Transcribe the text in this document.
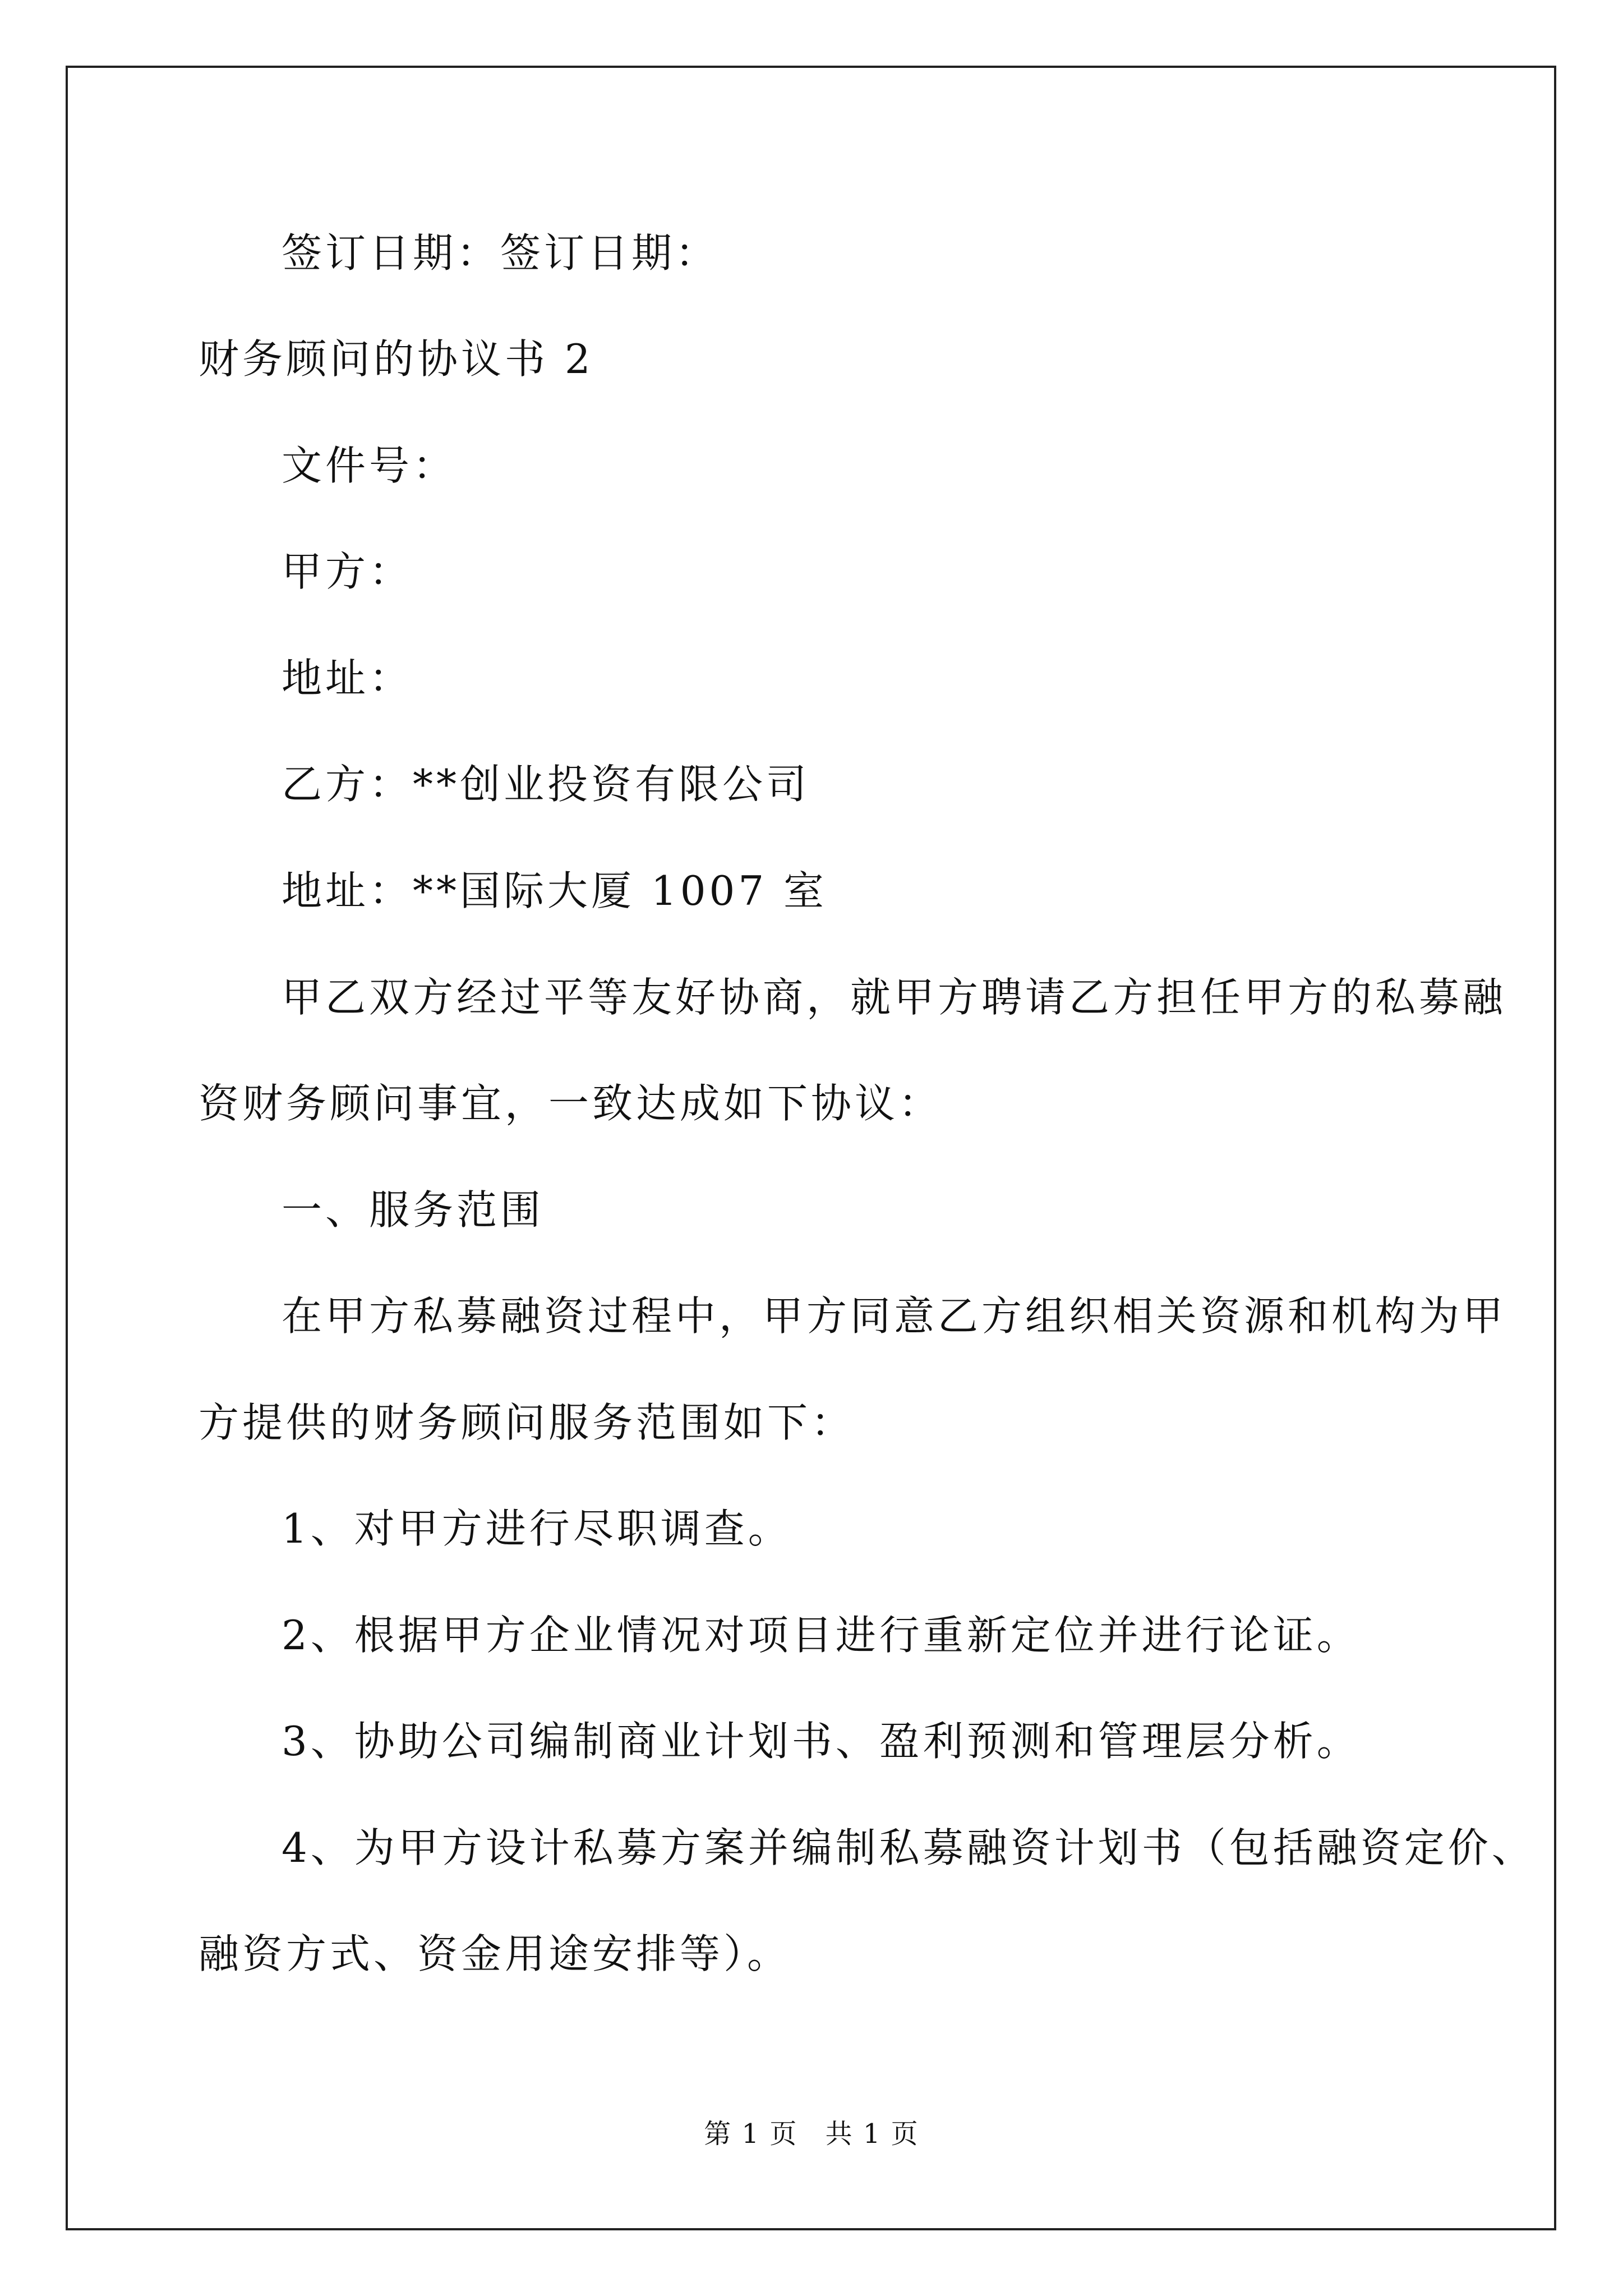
签订日期：签订日期：
财务顾问的协议书 2
文件号：
甲方：
地址：
乙方：**创业投资有限公司
地址：**国际大厦 1007 室
甲乙双方经过平等友好协商，就甲方聘请乙方担任甲方的私募融
资财务顾问事宜，一致达成如下协议：
一、服务范围
在甲方私募融资过程中，甲方同意乙方组织相关资源和机构为甲
方提供的财务顾问服务范围如下：
1、对甲方进行尽职调查。
2、根据甲方企业情况对项目进行重新定位并进行论证。
3、协助公司编制商业计划书、盈利预测和管理层分析。
4、为甲方设计私募方案并编制私募融资计划书（包括融资定价、
融资方式、资金用途安排等）。
第 1 页 共 1 页
